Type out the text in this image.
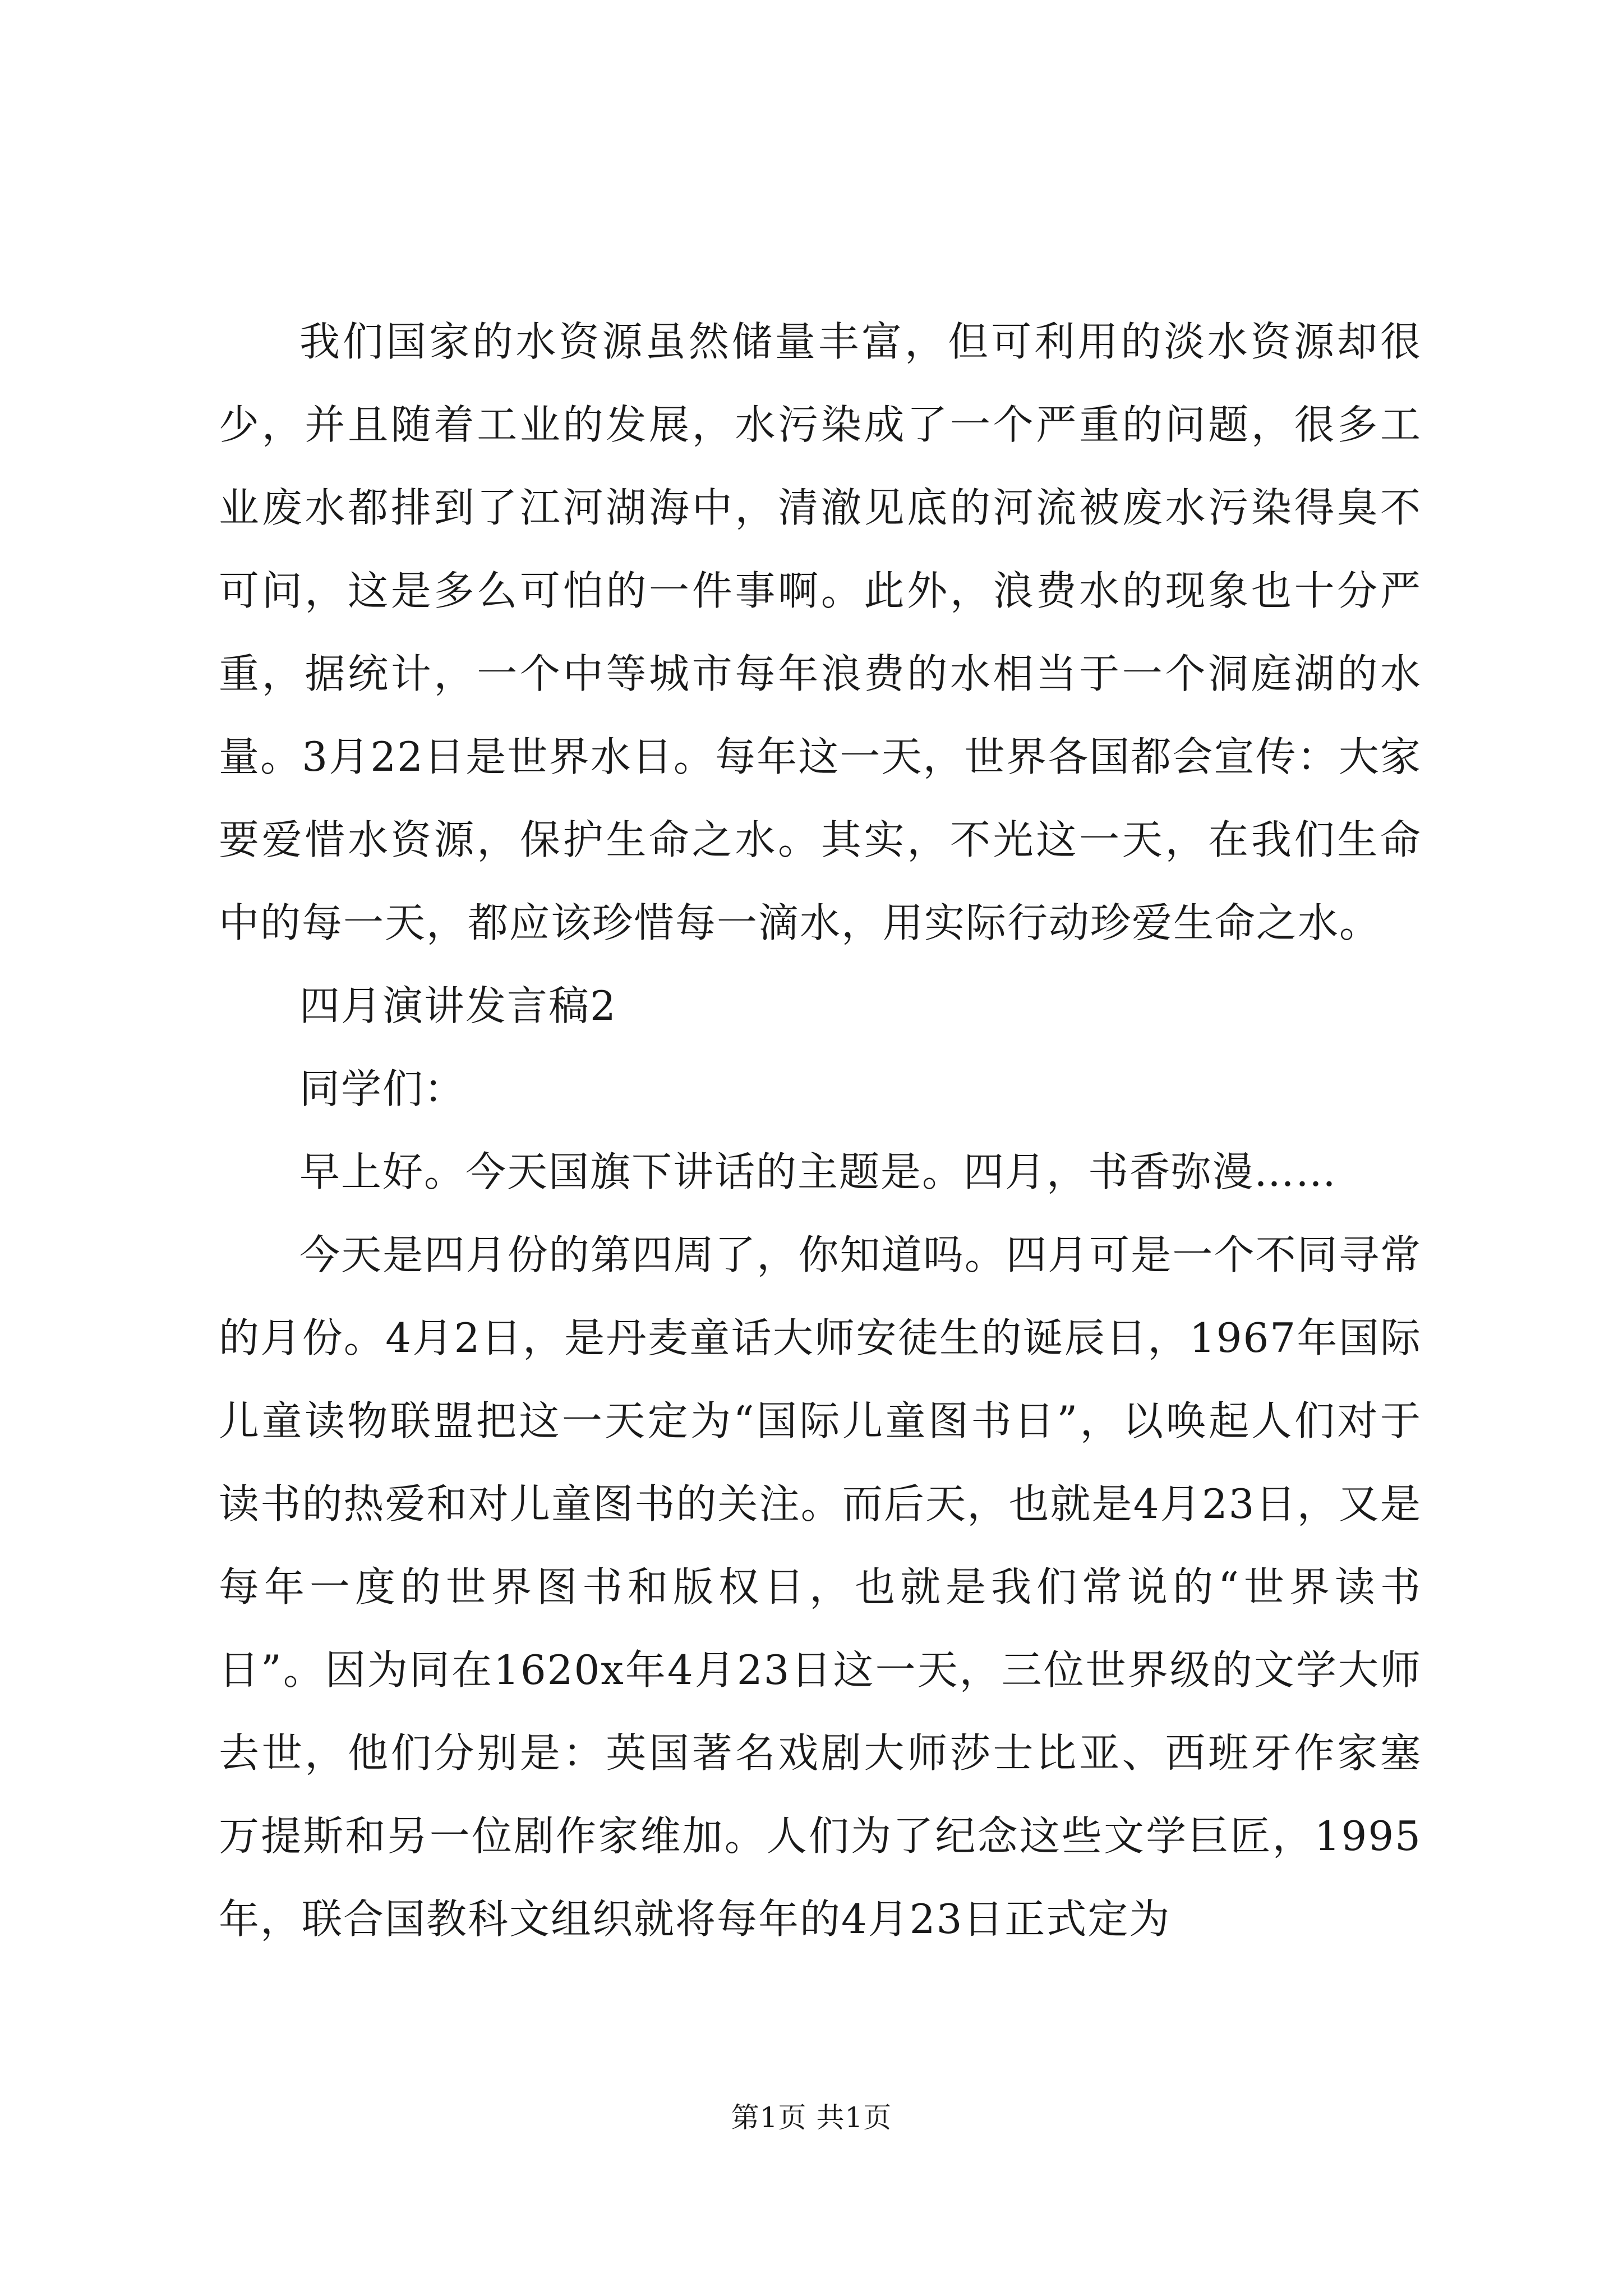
我们国家的水资源虽然储量丰富，但可利用的淡水资源却很少，并且随着工业的发展，水污染成了一个严重的问题，很多工业废水都排到了江河湖海中，清澈见底的河流被废水污染得臭不可问，这是多么可怕的一件事啊。此外，浪费水的现象也十分严重，据统计，一个中等城市每年浪费的水相当于一个洞庭湖的水量。3月22日是世界水日。每年这一天，世界各国都会宣传：大家要爱惜水资源，保护生命之水。其实，不光这一天，在我们生命中的每一天，都应该珍惜每一滴水，用实际行动珍爱生命之水。

四月演讲发言稿2

同学们：

早上好。今天国旗下讲话的主题是。四月，书香弥漫……

今天是四月份的第四周了，你知道吗。四月可是一个不同寻常的月份。4月2日，是丹麦童话大师安徒生的诞辰日，1967年国际儿童读物联盟把这一天定为“国际儿童图书日”，以唤起人们对于读书的热爱和对儿童图书的关注。而后天，也就是4月23日，又是每年一度的世界图书和版权日，也就是我们常说的“世界读书日”。因为同在1620x年4月23日这一天，三位世界级的文学大师去世，他们分别是：英国著名戏剧大师莎士比亚、西班牙作家塞万提斯和另一位剧作家维加。人们为了纪念这些文学巨匠，1995年，联合国教科文组织就将每年的4月23日正式定为

第1页 共1页
